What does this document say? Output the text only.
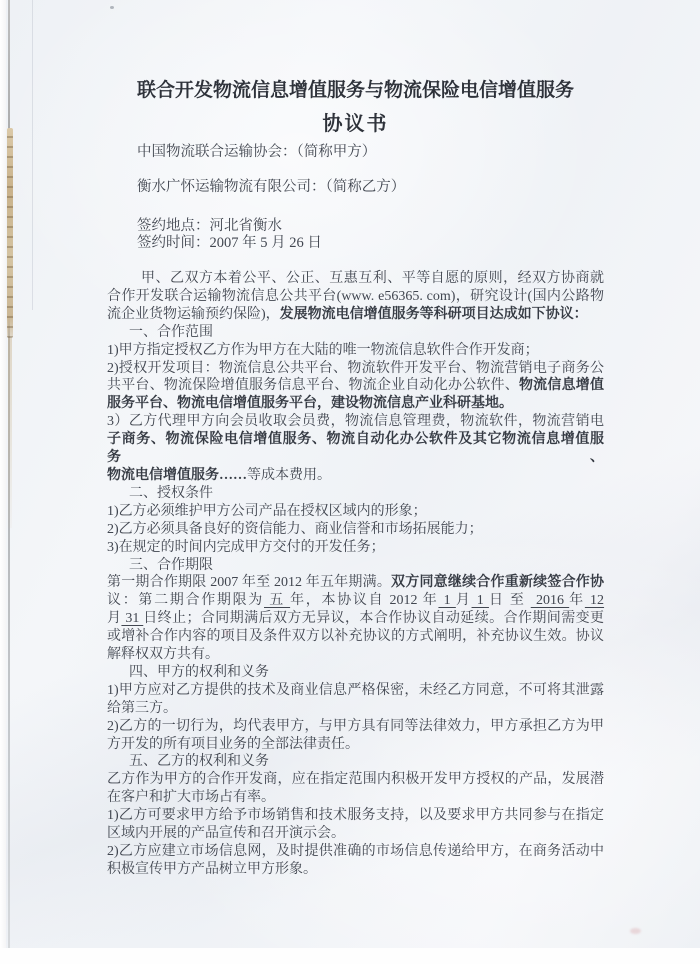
联合开发物流信息增值服务与物流保险电信增值服务
协议书
中国物流联合运输协会：（简称甲方）
衡水广怀运输物流有限公司：（简称乙方）
签约地点：河北省衡水
签约时间：2007 年 5 月 26 日
甲、乙双方本着公平、公正、互惠互利、平等自愿的原则，经双方协商就
合作开发联合运输物流信息公共平台(www. e56365. com)，研究设计(国内公路物
流企业货物运输预约保险)，发展物流电信增值服务等科研项目达成如下协议：
一、合作范围
1)甲方指定授权乙方作为甲方在大陆的唯一物流信息软件合作开发商；
2)授权开发项目：物流信息公共平台、物流软件开发平台、物流营销电子商务公
共平台、物流保险增值服务信息平台、物流企业自动化办公软件、物流信息增值
服务平台、物流电信增值服务平台，建设物流信息产业科研基地。
3）乙方代理甲方向会员收取会员费，物流信息管理费，物流软件，物流营销电
子商务、物流保险电信增值服务、物流自动化办公软件及其它物流信息增值服务、
物流电信增值服务……等成本费用。
二、授权条件
1)乙方必须维护甲方公司产品在授权区域内的形象；
2)乙方必须具备良好的资信能力、商业信誉和市场拓展能力；
3)在规定的时间内完成甲方交付的开发任务；
三、合作期限
第一期合作期限 2007 年至 2012 年五年期满。双方同意继续合作重新续签合作协
议：第二期合作期限为 五 年，本协议自 2012 年 1 月 1 日 至  2016 年 12
月 31 日终止；合同期满后双方无异议，本合作协议自动延续。合作期间需变更
或增补合作内容的项目及条件双方以补充协议的方式阐明，补充协议生效。协议
解释权双方共有。
四、甲方的权利和义务
1)甲方应对乙方提供的技术及商业信息严格保密，未经乙方同意，不可将其泄露
给第三方。
2)乙方的一切行为，均代表甲方，与甲方具有同等法律效力，甲方承担乙方为甲
方开发的所有项目业务的全部法律责任。
五、乙方的权利和义务
乙方作为甲方的合作开发商，应在指定范围内积极开发甲方授权的产品，发展潜
在客户和扩大市场占有率。
1)乙方可要求甲方给予市场销售和技术服务支持，以及要求甲方共同参与在指定
区域内开展的产品宣传和召开演示会。
2)乙方应建立市场信息网，及时提供准确的市场信息传递给甲方，在商务活动中
积极宣传甲方产品树立甲方形象。
